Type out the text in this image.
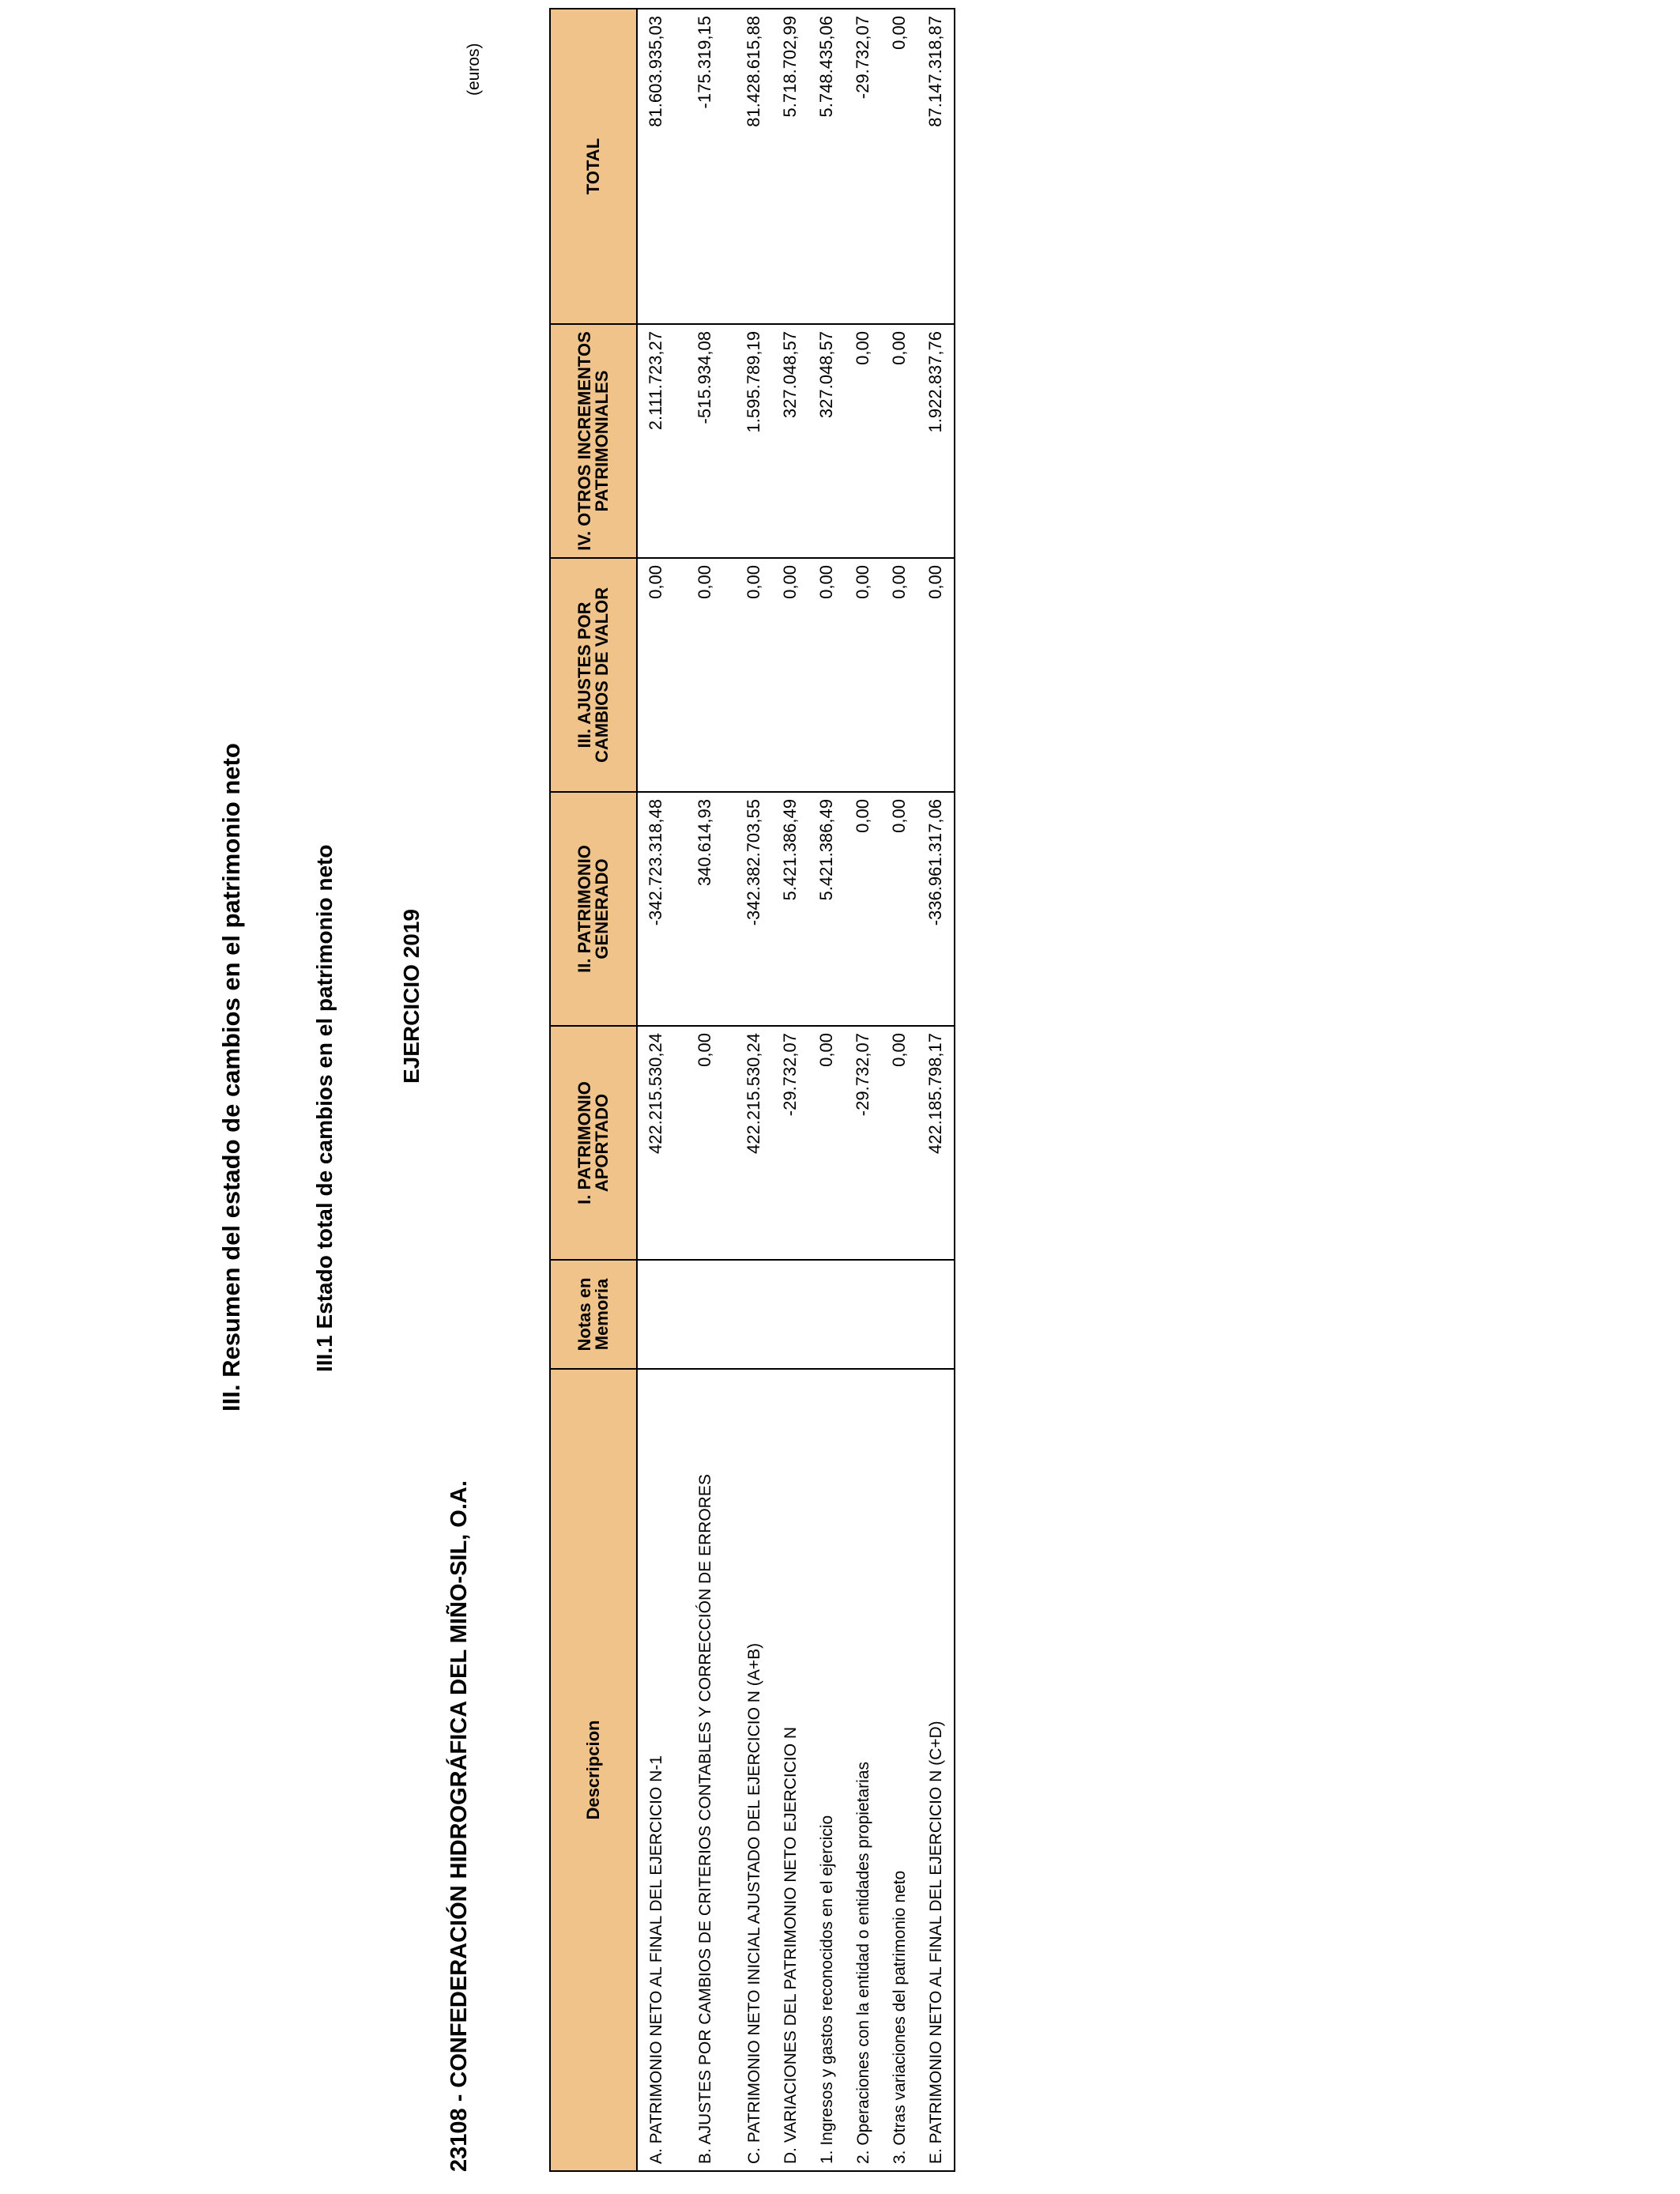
III. Resumen del estado de cambios en el patrimonio neto	III.1 Estado total de cambios en el patrimonio neto	EJERCICIO 2019
23108 - CONFEDERACIÓN HIDROGRÁFICA DEL MIÑO-SIL, O.A.
(euros)
Descripcion	Notas en Memoria	I. PATRIMONIO APORTADO	II. PATRIMONIO GENERADO	III. AJUSTES POR CAMBIOS DE VALOR	IV. OTROS INCREMENTOS PATRIMONIALES	TOTAL
A. PATRIMONIO NETO AL FINAL DEL EJERCICIO N-1		422.215.530,24	-342.723.318,48	0,00	2.111.723,27	81.603.935,03
B. AJUSTES POR CAMBIOS DE CRITERIOS CONTABLES Y CORRECCIÓN DE ERRORES		0,00	340.614,93	0,00	-515.934,08	-175.319,15
C. PATRIMONIO NETO INICIAL AJUSTADO DEL EJERCICIO N (A+B)		422.215.530,24	-342.382.703,55	0,00	1.595.789,19	81.428.615,88
D. VARIACIONES DEL PATRIMONIO NETO EJERCICIO N		-29.732,07	5.421.386,49	0,00	327.048,57	5.718.702,99
1. Ingresos y gastos reconocidos en el ejercicio		0,00	5.421.386,49	0,00	327.048,57	5.748.435,06
2. Operaciones con la entidad o entidades propietarias		-29.732,07	0,00	0,00	0,00	-29.732,07
3. Otras variaciones del patrimonio neto		0,00	0,00	0,00	0,00	0,00
E. PATRIMONIO NETO AL FINAL DEL EJERCICIO N (C+D)		422.185.798,17	-336.961.317,06	0,00	1.922.837,76	87.147.318,87
